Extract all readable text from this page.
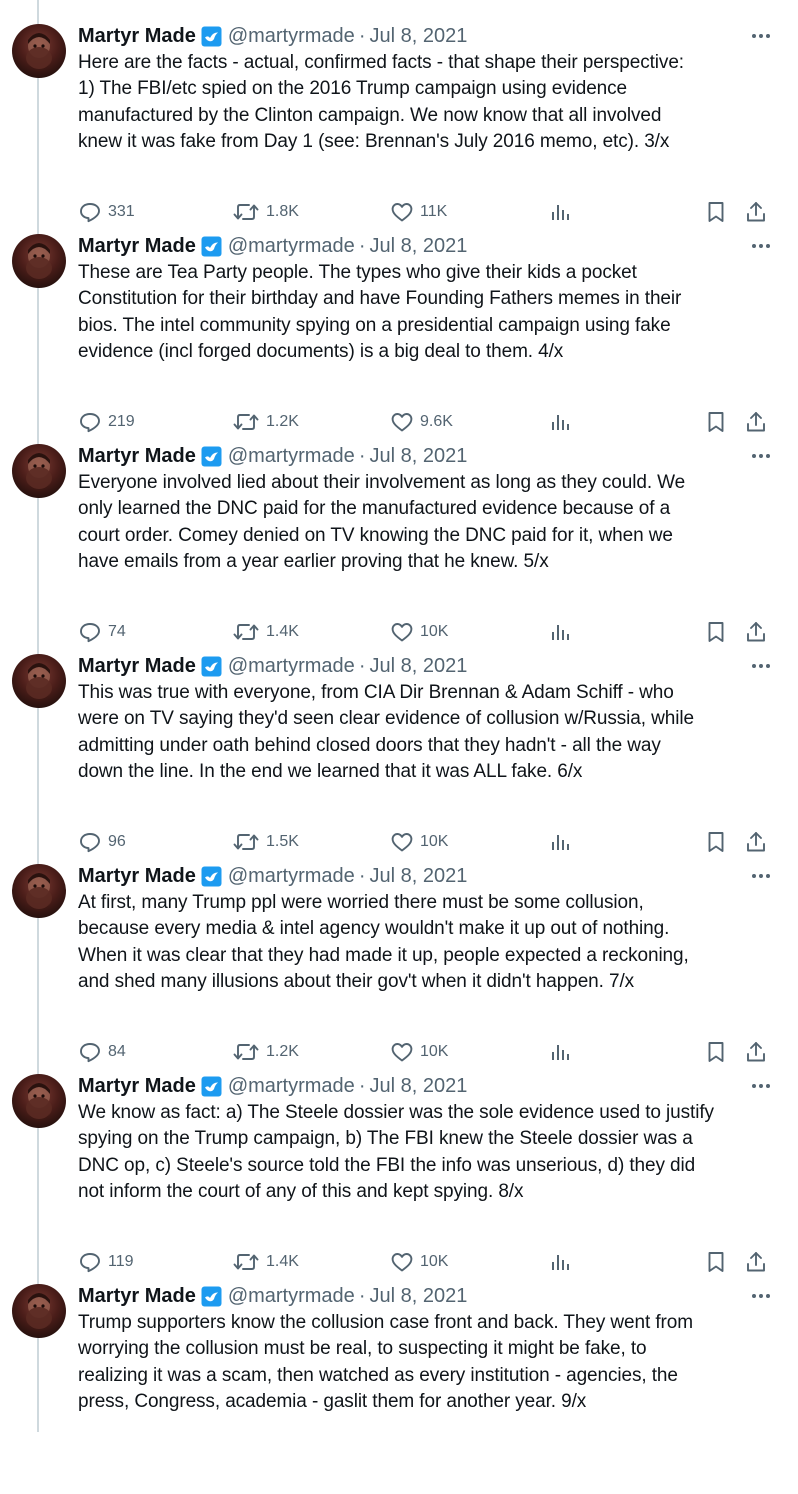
Martyr Made @martyrmade · Jul 8, 2021
Here are the facts - actual, confirmed facts - that shape their perspective:
1) The FBI/etc spied on the 2016 Trump campaign using evidence
manufactured by the Clinton campaign. We now know that all involved
knew it was fake from Day 1 (see: Brennan's July 2016 memo, etc). 3/x
331	1.8K	11K
Martyr Made @martyrmade · Jul 8, 2021
These are Tea Party people. The types who give their kids a pocket
Constitution for their birthday and have Founding Fathers memes in their
bios. The intel community spying on a presidential campaign using fake
evidence (incl forged documents) is a big deal to them. 4/x
219	1.2K	9.6K
Martyr Made @martyrmade · Jul 8, 2021
Everyone involved lied about their involvement as long as they could. We
only learned the DNC paid for the manufactured evidence because of a
court order. Comey denied on TV knowing the DNC paid for it, when we
have emails from a year earlier proving that he knew. 5/x
74	1.4K	10K
Martyr Made @martyrmade · Jul 8, 2021
This was true with everyone, from CIA Dir Brennan & Adam Schiff - who
were on TV saying they'd seen clear evidence of collusion w/Russia, while
admitting under oath behind closed doors that they hadn't - all the way
down the line. In the end we learned that it was ALL fake. 6/x
96	1.5K	10K
Martyr Made @martyrmade · Jul 8, 2021
At first, many Trump ppl were worried there must be some collusion,
because every media & intel agency wouldn't make it up out of nothing.
When it was clear that they had made it up, people expected a reckoning,
and shed many illusions about their gov't when it didn't happen. 7/x
84	1.2K	10K
Martyr Made @martyrmade · Jul 8, 2021
We know as fact: a) The Steele dossier was the sole evidence used to justify
spying on the Trump campaign, b) The FBI knew the Steele dossier was a
DNC op, c) Steele's source told the FBI the info was unserious, d) they did
not inform the court of any of this and kept spying. 8/x
119	1.4K	10K
Martyr Made @martyrmade · Jul 8, 2021
Trump supporters know the collusion case front and back. They went from
worrying the collusion must be real, to suspecting it might be fake, to
realizing it was a scam, then watched as every institution - agencies, the
press, Congress, academia - gaslit them for another year. 9/x
